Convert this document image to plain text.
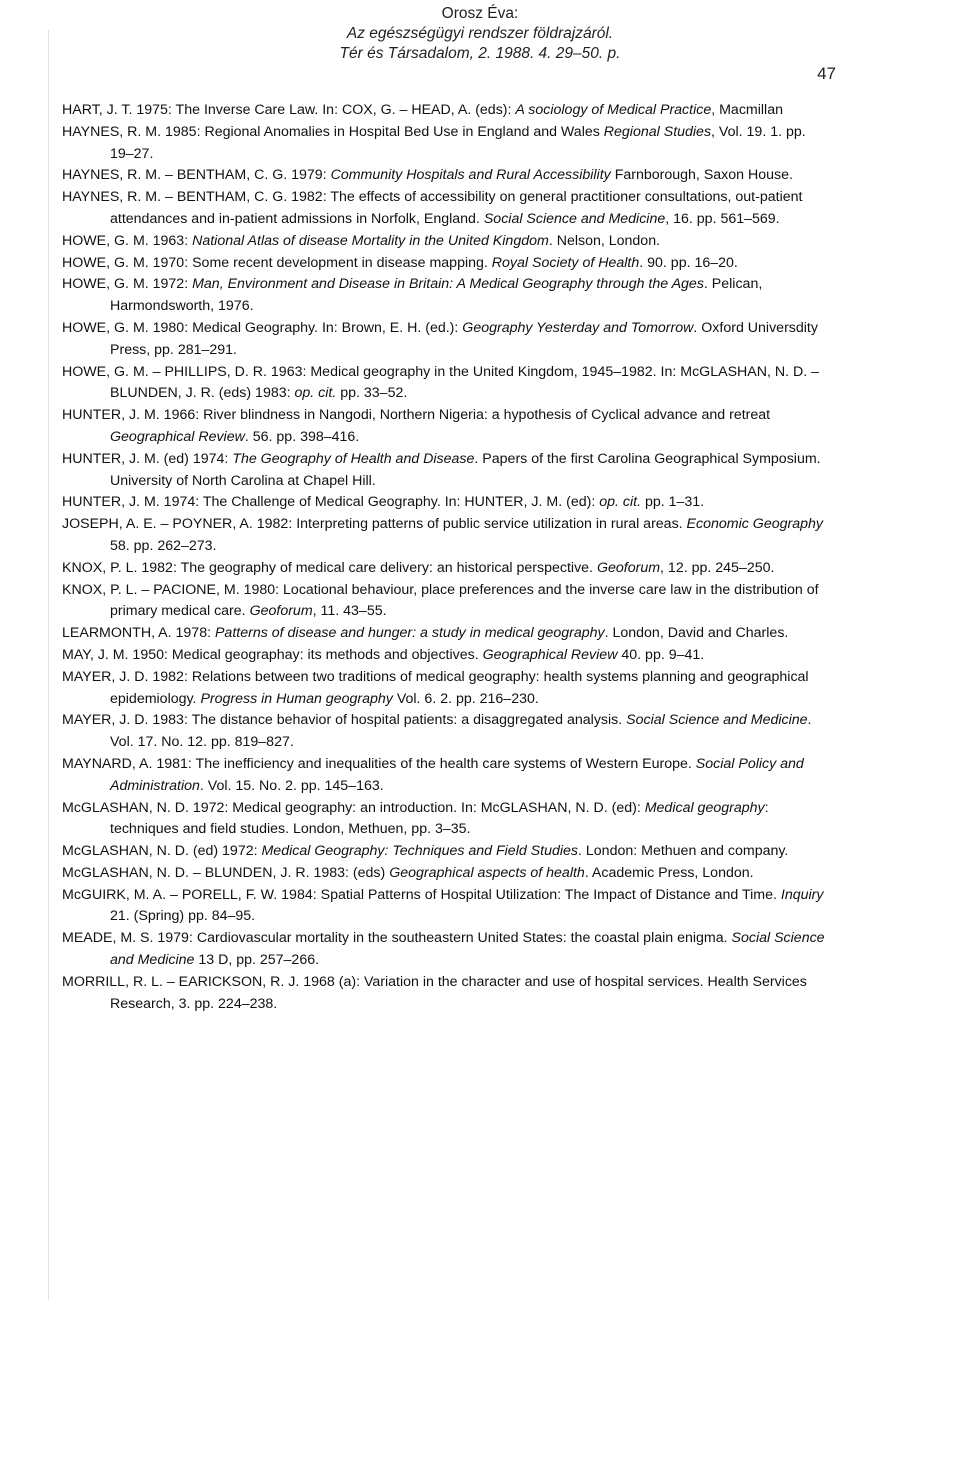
Orosz Éva:
Az egészségügyi rendszer földrajzáról.
Tér és Társadalom, 2. 1988. 4. 29–50. p.
47
HART, J. T. 1975: The Inverse Care Law. In: COX, G. – HEAD, A. (eds): A sociology of Medical Practice, Macmillan
HAYNES, R. M. 1985: Regional Anomalies in Hospital Bed Use in England and Wales Regional Studies, Vol. 19. 1. pp. 19–27.
HAYNES, R. M. – BENTHAM, C. G. 1979: Community Hospitals and Rural Accessibility Farnborough, Saxon House.
HAYNES, R. M. – BENTHAM, C. G. 1982: The effects of accessibility on general practitioner consultations, out-patient attendances and in-patient admissions in Norfolk, England. Social Science and Medicine, 16. pp. 561–569.
HOWE, G. M. 1963: National Atlas of disease Mortality in the United Kingdom. Nelson, London.
HOWE, G. M. 1970: Some recent development in disease mapping. Royal Society of Health. 90. pp. 16–20.
HOWE, G. M. 1972: Man, Environment and Disease in Britain: A Medical Geography through the Ages. Pelican, Harmondsworth, 1976.
HOWE, G. M. 1980: Medical Geography. In: Brown, E. H. (ed.): Geography Yesterday and Tomorrow. Oxford Universdity Press, pp. 281–291.
HOWE, G. M. – PHILLIPS, D. R. 1963: Medical geography in the United Kingdom, 1945–1982. In: McGLASHAN, N. D. – BLUNDEN, J. R. (eds) 1983: op. cit. pp. 33–52.
HUNTER, J. M. 1966: River blindness in Nangodi, Northern Nigeria: a hypothesis of Cyclical advance and retreat Geographical Review. 56. pp. 398–416.
HUNTER, J. M. (ed) 1974: The Geography of Health and Disease. Papers of the first Carolina Geographical Symposium. University of North Carolina at Chapel Hill.
HUNTER, J. M. 1974: The Challenge of Medical Geography. In: HUNTER, J. M. (ed): op. cit. pp. 1–31.
JOSEPH, A. E. – POYNER, A. 1982: Interpreting patterns of public service utilization in rural areas. Economic Geography 58. pp. 262–273.
KNOX, P. L. 1982: The geography of medical care delivery: an historical perspective. Geoforum, 12. pp. 245–250.
KNOX, P. L. – PACIONE, M. 1980: Locational behaviour, place preferences and the inverse care law in the distribution of primary medical care. Geoforum, 11. 43–55.
LEARMONTH, A. 1978: Patterns of disease and hunger: a study in medical geography. London, David and Charles.
MAY, J. M. 1950: Medical geographay: its methods and objectives. Geographical Review 40. pp. 9–41.
MAYER, J. D. 1982: Relations between two traditions of medical geography: health systems planning and geographical epidemiology. Progress in Human geography Vol. 6. 2. pp. 216–230.
MAYER, J. D. 1983: The distance behavior of hospital patients: a disaggregated analysis. Social Science and Medicine. Vol. 17. No. 12. pp. 819–827.
MAYNARD, A. 1981: The inefficiency and inequalities of the health care systems of Western Europe. Social Policy and Administration. Vol. 15. No. 2. pp. 145–163.
McGLASHAN, N. D. 1972: Medical geography: an introduction. In: McGLASHAN, N. D. (ed): Medical geography: techniques and field studies. London, Methuen, pp. 3–35.
McGLASHAN, N. D. (ed) 1972: Medical Geography: Techniques and Field Studies. London: Methuen and company.
McGLASHAN, N. D. – BLUNDEN, J. R. 1983: (eds) Geographical aspects of health. Academic Press, London.
McGUIRK, M. A. – PORELL, F. W. 1984: Spatial Patterns of Hospital Utilization: The Impact of Distance and Time. Inquiry 21. (Spring) pp. 84–95.
MEADE, M. S. 1979: Cardiovascular mortality in the southeastern United States: the coastal plain enigma. Social Science and Medicine 13 D, pp. 257–266.
MORRILL, R. L. – EARICKSON, R. J. 1968 (a): Variation in the character and use of hospital services. Health Services Research, 3. pp. 224–238.
